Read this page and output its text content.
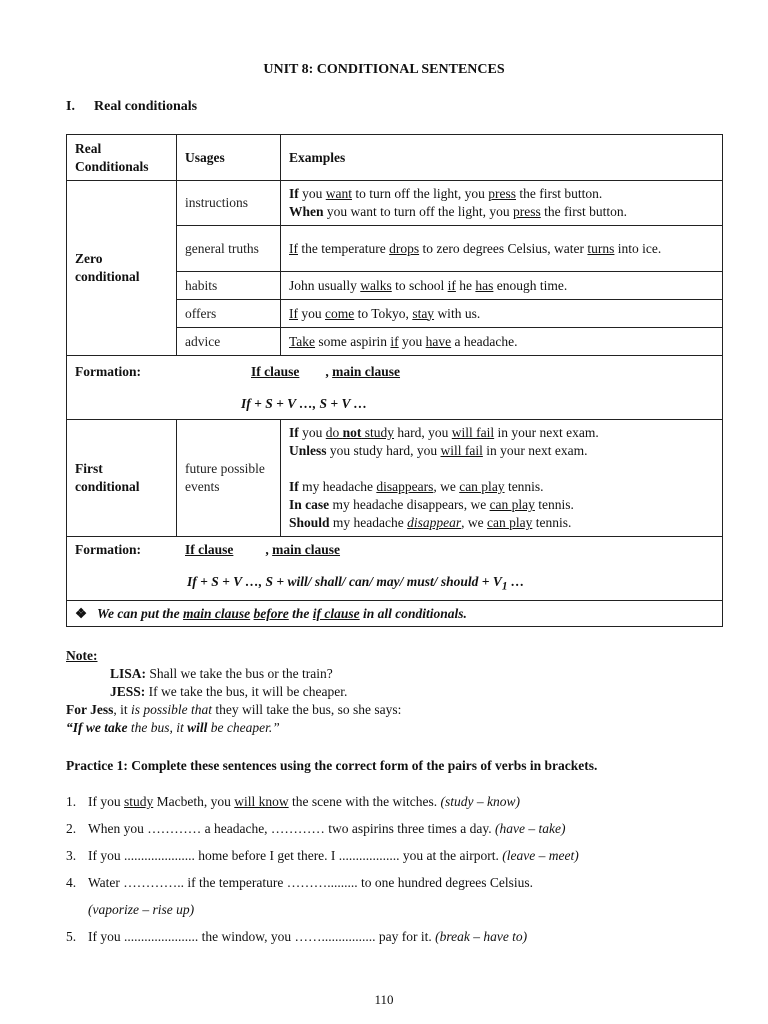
UNIT 8: CONDITIONAL SENTENCES
I. Real conditionals
Real Conditionals	Usages	Examples
Zero conditional	instructions	If you want to turn off the light, you press the first button.
When you want to turn off the light, you press the first button.
	general truths	If the temperature drops to zero degrees Celsius, water turns into ice.
	habits	John usually walks to school if he has enough time.
	offers	If you come to Tokyo, stay with us.
	advice	Take some aspirin if you have a headache.

Formation: If clause , main clause
If + S + V …, S + V …		

First conditional	future possible events	If you do not study hard, you will fail in your next exam.
Unless you study hard, you will fail in your next exam.

If my headache disappears, we can play tennis.
In case my headache disappears, we can play tennis.
Should my headache disappear, we can play tennis.

Formation: If clause , main clause
If + S + V …, S + will/ shall/ can/ may/ must/ should + $V_1$ …		

❖ We can put the main clause before the if clause in all conditionals.		
Note:
LISA: Shall we take the bus or the train?
JESS: If we take the bus, it will be cheaper.
For Jess, it is possible that they will take the bus, so she says:
“If we take the bus, it will be cheaper.”
Practice 1: Complete these sentences using the correct form of the pairs of verbs in brackets.
1. If you study Macbeth, you will know the scene with the witches. (study – know)
2. When you ………… a headache, ………… two aspirins three times a day. (have – take)
3. If you ..................... home before I get there. I .................. you at the airport. (leave – meet)
4. Water ………….. if the temperature ………......... to one hundred degrees Celsius.
(vaporize – rise up)
5. If you ...................... the window, you ……................ pay for it. (break – have to)
110
